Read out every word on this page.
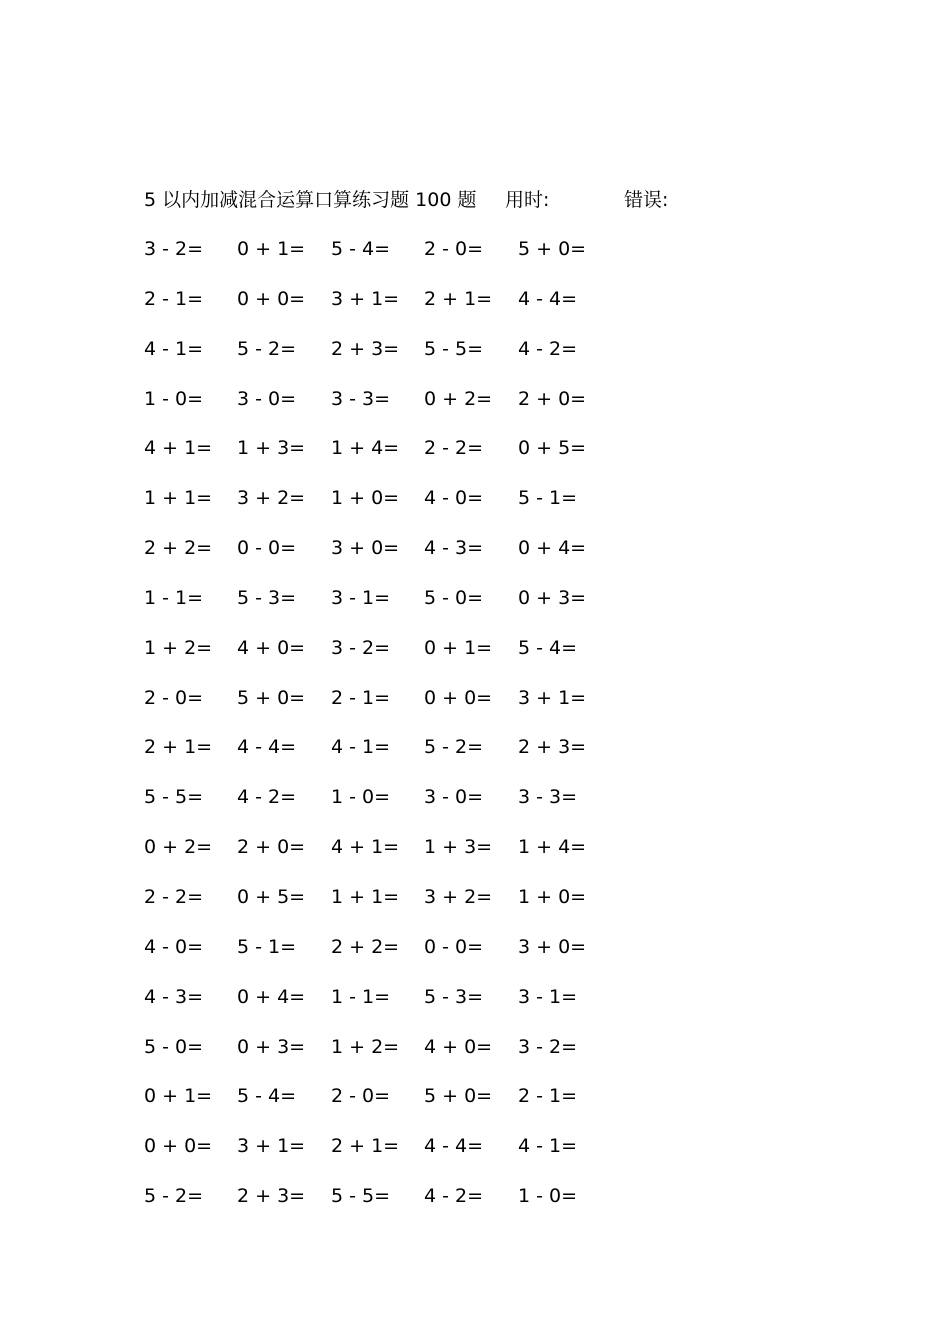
5 以内加减混合运算口算练习题 100 题 用时:	错误:
3 - 2= 0 + 1= 5 - 4= 2 - 0= 5 + 0=
2 - 1= 0 + 0= 3 + 1= 2 + 1= 4 - 4=
4 - 1= 5 - 2= 2 + 3= 5 - 5= 4 - 2=
1 - 0= 3 - 0= 3 - 3= 0 + 2= 2 + 0=
4 + 1= 1 + 3= 1 + 4= 2 - 2= 0 + 5=
1 + 1= 3 + 2= 1 + 0= 4 - 0= 5 - 1=
2 + 2= 0 - 0= 3 + 0= 4 - 3= 0 + 4=
1 - 1= 5 - 3= 3 - 1= 5 - 0= 0 + 3=
1 + 2= 4 + 0= 3 - 2= 0 + 1= 5 - 4=
2 - 0= 5 + 0= 2 - 1= 0 + 0= 3 + 1=
2 + 1= 4 - 4= 4 - 1= 5 - 2= 2 + 3=
5 - 5= 4 - 2= 1 - 0= 3 - 0= 3 - 3=
0 + 2= 2 + 0= 4 + 1= 1 + 3= 1 + 4=
2 - 2= 0 + 5= 1 + 1= 3 + 2= 1 + 0=
4 - 0= 5 - 1= 2 + 2= 0 - 0= 3 + 0=
4 - 3= 0 + 4= 1 - 1= 5 - 3= 3 - 1=
5 - 0= 0 + 3= 1 + 2= 4 + 0= 3 - 2=
0 + 1= 5 - 4= 2 - 0= 5 + 0= 2 - 1=
0 + 0= 3 + 1= 2 + 1= 4 - 4= 4 - 1=
5 - 2= 2 + 3= 5 - 5= 4 - 2= 1 - 0=
